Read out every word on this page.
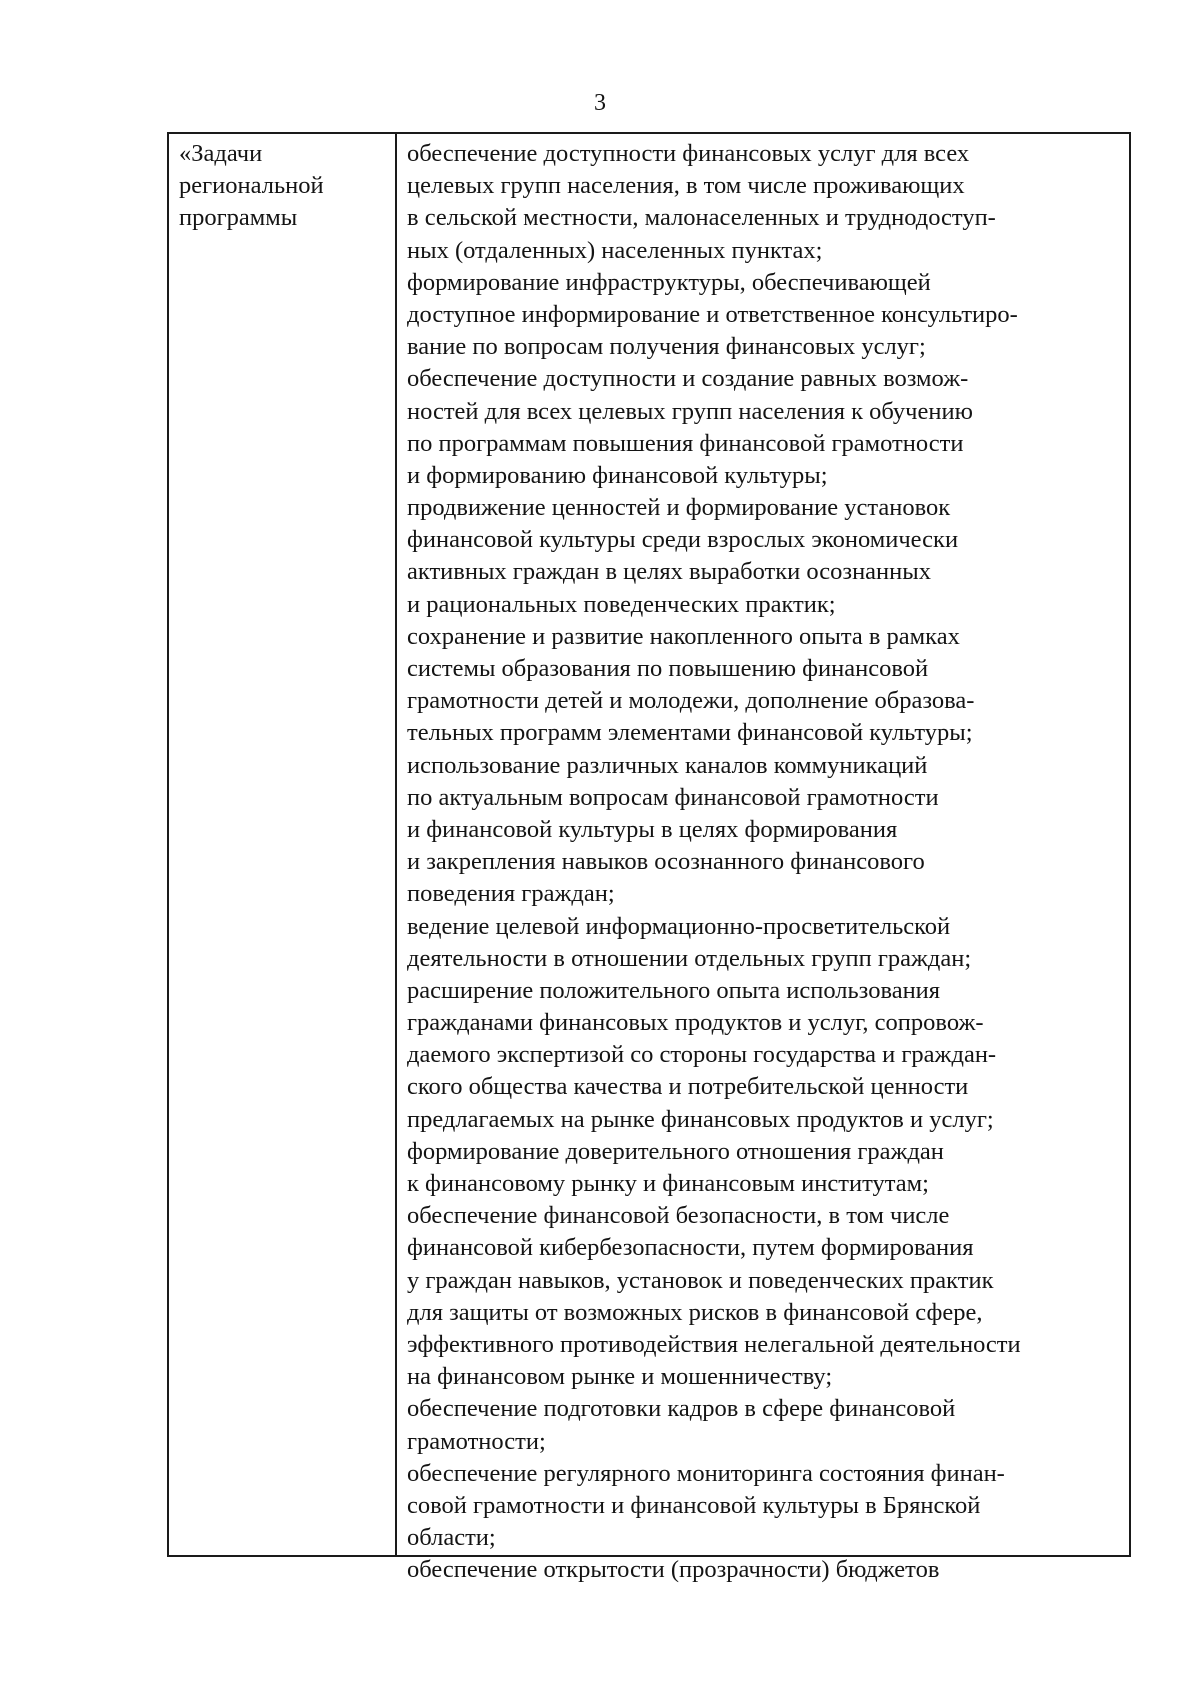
3
«Задачи
региональной
программы
обеспечение доступности финансовых услуг для всех
целевых групп населения, в том числе проживающих
в сельской местности, малонаселенных и труднодоступ-
ных (отдаленных) населенных пунктах;
формирование инфраструктуры, обеспечивающей
доступное информирование и ответственное консультиро-
вание по вопросам получения финансовых услуг;
обеспечение доступности и создание равных возмож-
ностей для всех целевых групп населения к обучению
по программам повышения финансовой грамотности
и формированию финансовой культуры;
продвижение ценностей и формирование установок
финансовой культуры среди взрослых экономически
активных граждан в целях выработки осознанных
и рациональных поведенческих практик;
сохранение и развитие накопленного опыта в рамках
системы образования по повышению финансовой
грамотности детей и молодежи, дополнение образова-
тельных программ элементами финансовой культуры;
использование различных каналов коммуникаций
по актуальным вопросам финансовой грамотности
и финансовой культуры в целях формирования
и закрепления навыков осознанного финансового
поведения граждан;
ведение целевой информационно-просветительской
деятельности в отношении отдельных групп граждан;
расширение положительного опыта использования
гражданами финансовых продуктов и услуг, сопровож-
даемого экспертизой со стороны государства и граждан-
ского общества качества и потребительской ценности
предлагаемых на рынке финансовых продуктов и услуг;
формирование доверительного отношения граждан
к финансовому рынку и финансовым институтам;
обеспечение финансовой безопасности, в том числе
финансовой кибербезопасности, путем формирования
у граждан навыков, установок и поведенческих практик
для защиты от возможных рисков в финансовой сфере,
эффективного противодействия нелегальной деятельности
на финансовом рынке и мошенничеству;
обеспечение подготовки кадров в сфере финансовой
грамотности;
обеспечение регулярного мониторинга состояния финан-
совой грамотности и финансовой культуры в Брянской
области;
обеспечение открытости (прозрачности) бюджетов
